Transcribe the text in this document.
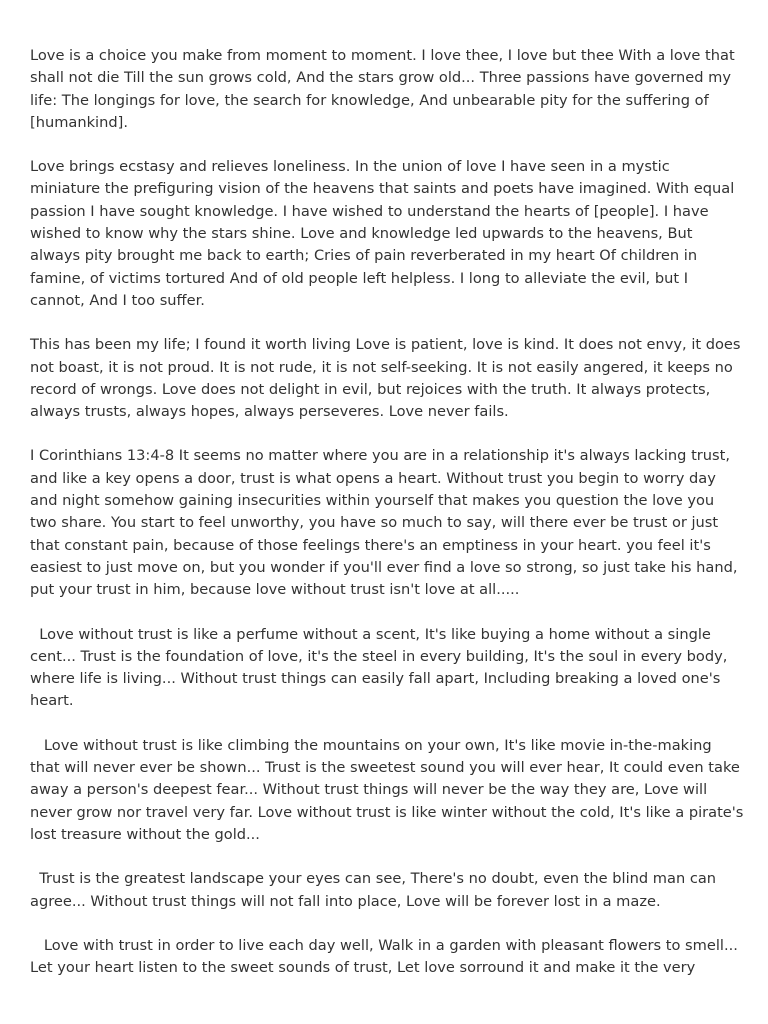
Love is a choice you make from moment to moment. I love thee, I love but thee With a love that shall not die Till the sun grows cold, And the stars grow old... Three passions have governed my life: The longings for love, the search for knowledge, And unbearable pity for the suffering of [humankind].

Love brings ecstasy and relieves loneliness. In the union of love I have seen in a mystic miniature the prefiguring vision of the heavens that saints and poets have imagined. With equal passion I have sought knowledge. I have wished to understand the hearts of [people]. I have wished to know why the stars shine. Love and knowledge led upwards to the heavens, But always pity brought me back to earth; Cries of pain reverberated in my heart Of children in famine, of victims tortured And of old people left helpless. I long to alleviate the evil, but I cannot, And I too suffer.

This has been my life; I found it worth living Love is patient, love is kind. It does not envy, it does not boast, it is not proud. It is not rude, it is not self-seeking. It is not easily angered, it keeps no record of wrongs. Love does not delight in evil, but rejoices with the truth. It always protects, always trusts, always hopes, always perseveres. Love never fails.

I Corinthians 13:4-8 It seems no matter where you are in a relationship it's always lacking trust, and like a key opens a door, trust is what opens a heart. Without trust you begin to worry day and night somehow gaining insecurities within yourself that makes you question the love you two share. You start to feel unworthy, you have so much to say, will there ever be trust or just that constant pain, because of those feelings there's an emptiness in your heart. you feel it's easiest to just move on, but you wonder if you'll ever find a love so strong, so just take his hand, put your trust in him, because love without trust isn't love at all.....

Love without trust is like a perfume without a scent, It's like buying a home without a single cent... Trust is the foundation of love, it's the steel in every building, It's the soul in every body, where life is living... Without trust things can easily fall apart, Including breaking a loved one's heart.

Love without trust is like climbing the mountains on your own, It's like movie in-the-making that will never ever be shown... Trust is the sweetest sound you will ever hear, It could even take away a person's deepest fear... Without trust things will never be the way they are, Love will never grow nor travel very far. Love without trust is like winter without the cold, It's like a pirate's lost treasure without the gold...

Trust is the greatest landscape your eyes can see, There's no doubt, even the blind man can agree... Without trust things will not fall into place, Love will be forever lost in a maze.

Love with trust in order to live each day well, Walk in a garden with pleasant flowers to smell... Let your heart listen to the sweet sounds of trust, Let love sorround it and make it the very
